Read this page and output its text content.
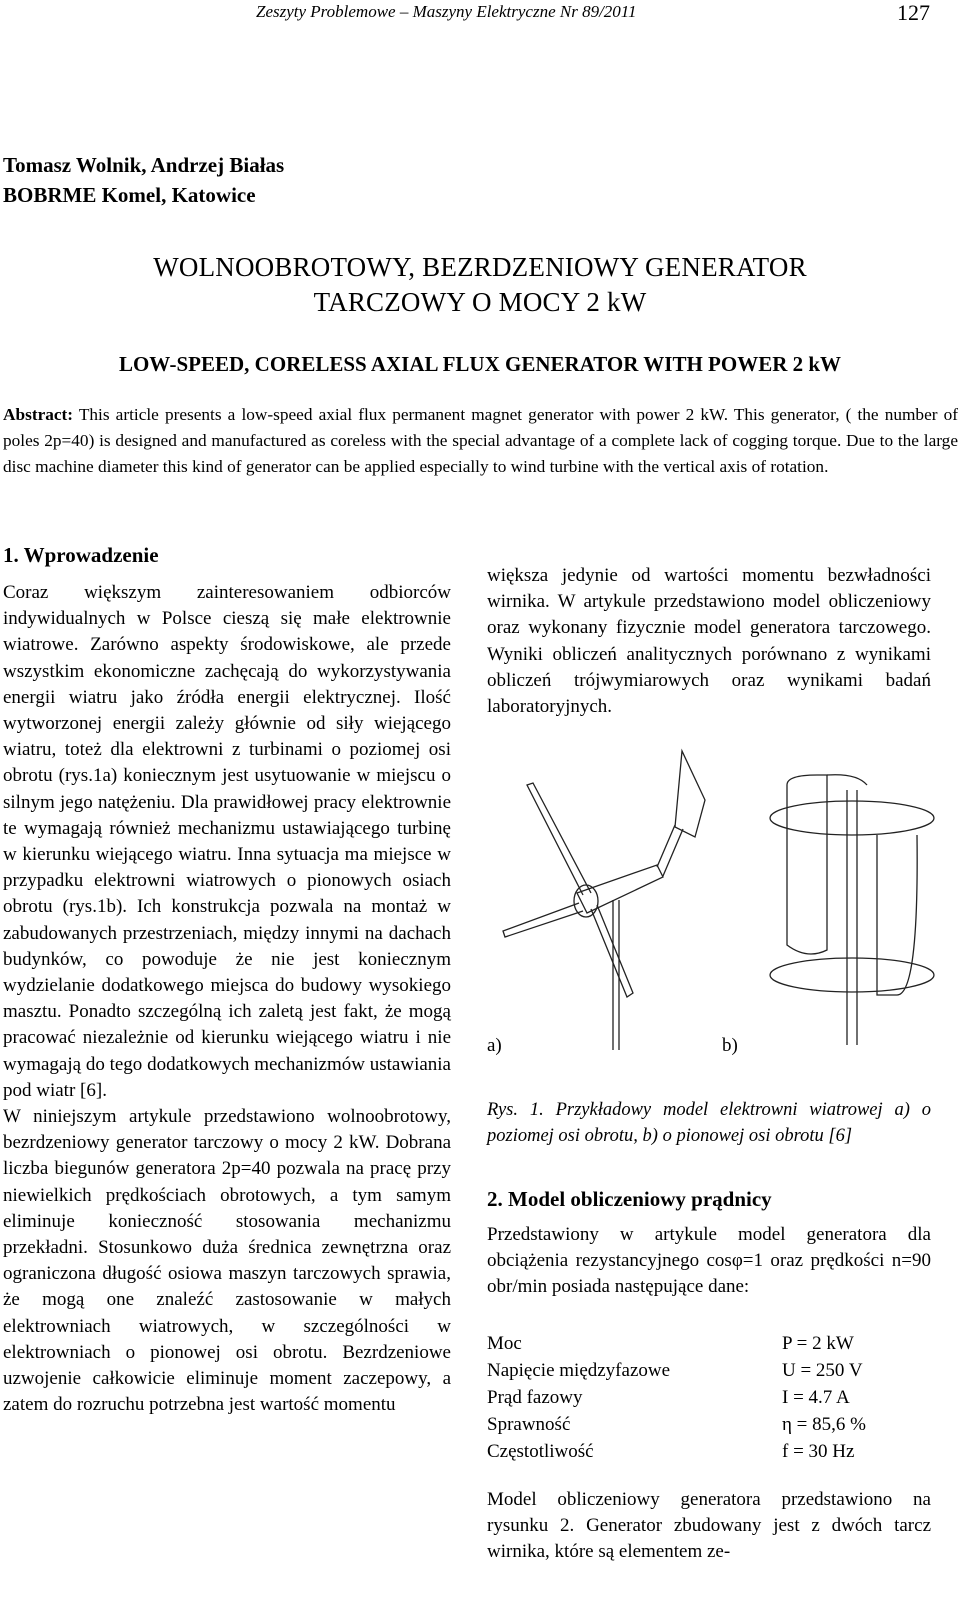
Zeszyty Problemowe – Maszyny Elektryczne Nr 89/2011	127
Tomasz Wolnik, Andrzej Białas
BOBRME Komel, Katowice
WOLNOOBROTOWY, BEZRDZENIOWY GENERATOR
TARCZOWY O MOCY 2 kW
LOW-SPEED, CORELESS AXIAL FLUX GENERATOR WITH POWER 2 kW
Abstract: This article presents a low-speed axial flux permanent magnet generator with power 2 kW. This generator, ( the number of poles 2p=40) is designed and manufactured as coreless with the special advantage of a complete lack of cogging torque. Due to the large disc machine diameter this kind of generator can be applied especially to wind turbine with the vertical axis of rotation.
1. Wprowadzenie

Coraz większym zainteresowaniem odbiorców indywidualnych w Polsce cieszą się małe elektrownie wiatrowe. Zarówno aspekty środowiskowe, ale przede wszystkim ekonomiczne zachęcają do wykorzystywania energii wiatru jako źródła energii elektrycznej. Ilość wytworzonej energii zależy głównie od siły wiejącego wiatru, toteż dla elektrowni z turbinami o poziomej osi obrotu (rys.1a) koniecznym jest usytuowanie w miejscu o silnym jego natężeniu. Dla prawidłowej pracy elektrownie te wymagają również mechanizmu ustawiającego turbinę w kierunku wiejącego wiatru. Inna sytuacja ma miejsce w przypadku elektrowni wiatrowych o pionowych osiach obrotu (rys.1b). Ich konstrukcja pozwala na montaż w zabudowanych przestrzeniach, między innymi na dachach budynków, co powoduje że nie jest koniecznym wydzielanie dodatkowego miejsca do budowy wysokiego masztu. Ponadto szczególną ich zaletą jest fakt, że mogą pracować niezależnie od kierunku wiejącego wiatru i nie wymagają do tego dodatkowych mechanizmów ustawiania pod wiatr [6].

W niniejszym artykule przedstawiono wolnoobrotowy, bezrdzeniowy generator tarczowy o mocy 2 kW. Dobrana liczba biegunów generatora 2p=40 pozwala na pracę przy niewielkich prędkościach obrotowych, a tym samym eliminuje konieczność stosowania mechanizmu przekładni. Stosunkowo duża średnica zewnętrzna oraz ograniczona długość osiowa maszyn tarczowych sprawia, że mogą one znaleźć zastosowanie w małych elektrowniach wiatrowych, w szczególności w elektrowniach o pionowej osi obrotu. Bezrdzeniowe uzwojenie całkowicie eliminuje moment zaczepowy, a zatem do rozruchu potrzebna jest wartość momentu

większa jedynie od wartości momentu bezwładności wirnika. W artykule przedstawiono model obliczeniowy oraz wykonany fizycznie model generatora tarczowego. Wyniki obliczeń analitycznych porównano z wynikami obliczeń trójwymiarowych oraz wynikami badań laboratoryjnych.

a)	b)
Rys. 1. Przykładowy model elektrowni wiatrowej a) o poziomej osi obrotu, b) o pionowej osi obrotu [6]
2. Model obliczeniowy prądnicy
Przedstawiony w artykule model generatora dla obciążenia rezystancyjnego cosφ=1 oraz prędkości n=90 obr/min posiada następujące dane:
Moc	P = 2 kW
Napięcie międzyfazowe	U = 250 V
Prąd fazowy	I = 4.7 A
Sprawność	η = 85,6 %
Częstotliwość	f = 30 Hz
Model obliczeniowy generatora przedstawiono na rysunku 2. Generator zbudowany jest z dwóch tarcz wirnika, które są elementem ze-
